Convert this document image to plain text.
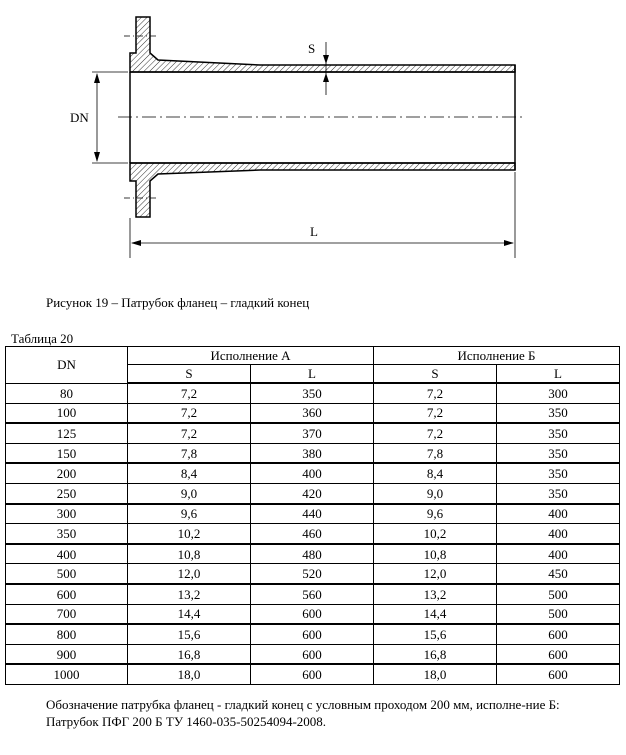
DN
S
L
Рисунок 19 – Патрубок фланец – гладкий конец
Таблица 20
DN	Исполнение А		Исполнение Б	
	S	L	S	L
80	7,2	350	7,2	300
100	7,2	360	7,2	350
125	7,2	370	7,2	350
150	7,8	380	7,8	350
200	8,4	400	8,4	350
250	9,0	420	9,0	350
300	9,6	440	9,6	400
350	10,2	460	10,2	400
400	10,8	480	10,8	400
500	12,0	520	12,0	450
600	13,2	560	13,2	500
700	14,4	600	14,4	500
800	15,6	600	15,6	600
900	16,8	600	16,8	600
1000	18,0	600	18,0	600

Обозначение патрубка фланец - гладкий конец с условным проходом 200 мм, исполне-ние Б:

Патрубок ПФГ 200 Б ТУ 1460-035-50254094-2008.
